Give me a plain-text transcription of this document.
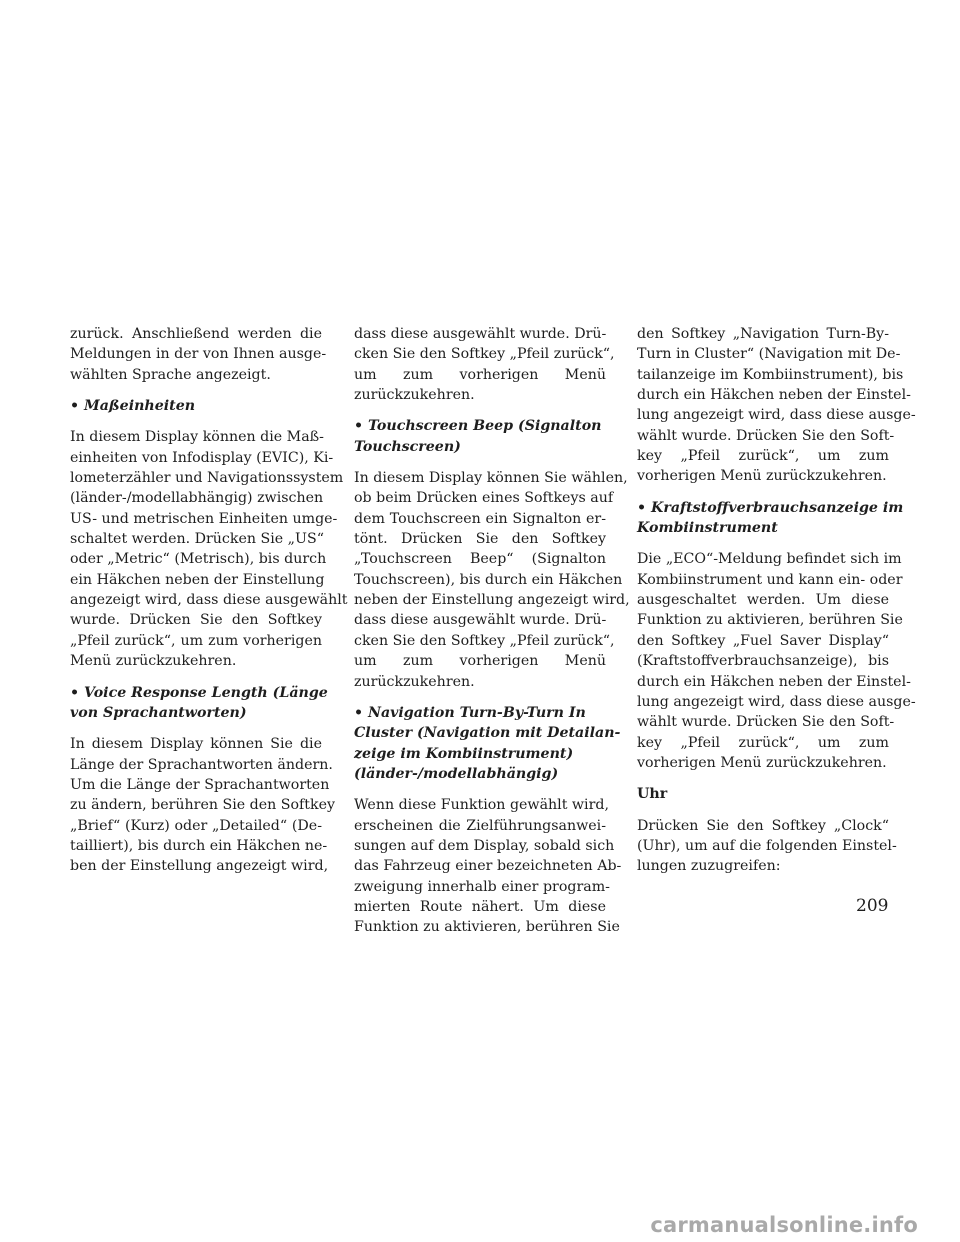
zurück. Anschließend werden die
Meldungen in der von Ihnen ausge-
wählten Sprache angezeigt.
• Maßeinheiten
In diesem Display können die Maß-
einheiten von Infodisplay (EVIC), Ki-
lometerzähler und Navigationssystem
(länder-/modellabhängig) zwischen
US- und metrischen Einheiten umge-
schaltet werden. Drücken Sie „US“
oder „Metric“ (Metrisch), bis durch
ein Häkchen neben der Einstellung
angezeigt wird, dass diese ausgewählt
wurde. Drücken Sie den Softkey
„Pfeil zurück“, um zum vorherigen
Menü zurückzukehren.
• Voice Response Length (Länge
von Sprachantworten)
In diesem Display können Sie die
Länge der Sprachantworten ändern.
Um die Länge der Sprachantworten
zu ändern, berühren Sie den Softkey
„Brief“ (Kurz) oder „Detailed“ (De-
tailliert), bis durch ein Häkchen ne-
ben der Einstellung angezeigt wird,
dass diese ausgewählt wurde. Drü-
cken Sie den Softkey „Pfeil zurück“,
um zum vorherigen Menü
zurückzukehren.
• Touchscreen Beep (Signalton
Touchscreen)
In diesem Display können Sie wählen,
ob beim Drücken eines Softkeys auf
dem Touchscreen ein Signalton er-
tönt. Drücken Sie den Softkey
„Touchscreen Beep“ (Signalton
Touchscreen), bis durch ein Häkchen
neben der Einstellung angezeigt wird,
dass diese ausgewählt wurde. Drü-
cken Sie den Softkey „Pfeil zurück“,
um zum vorherigen Menü
zurückzukehren.
• Navigation Turn-By-Turn In
Cluster (Navigation mit Detailan-
zeige im Kombiinstrument)
(länder-/modellabhängig)
Wenn diese Funktion gewählt wird,
erscheinen die Zielführungsanwei-
sungen auf dem Display, sobald sich
das Fahrzeug einer bezeichneten Ab-
zweigung innerhalb einer program-
mierten Route nähert. Um diese
Funktion zu aktivieren, berühren Sie
den Softkey „Navigation Turn-By-
Turn in Cluster“ (Navigation mit De-
tailanzeige im Kombiinstrument), bis
durch ein Häkchen neben der Einstel-
lung angezeigt wird, dass diese ausge-
wählt wurde. Drücken Sie den Soft-
key „Pfeil zurück“, um zum
vorherigen Menü zurückzukehren.
• Kraftstoffverbrauchsanzeige im
Kombiinstrument
Die „ECO“-Meldung befindet sich im
Kombiinstrument und kann ein- oder
ausgeschaltet werden. Um diese
Funktion zu aktivieren, berühren Sie
den Softkey „Fuel Saver Display“
(Kraftstoffverbrauchsanzeige), bis
durch ein Häkchen neben der Einstel-
lung angezeigt wird, dass diese ausge-
wählt wurde. Drücken Sie den Soft-
key „Pfeil zurück“, um zum
vorherigen Menü zurückzukehren.
Uhr
Drücken Sie den Softkey „Clock“
(Uhr), um auf die folgenden Einstel-
lungen zuzugreifen:
209
carmanualsonline.info
